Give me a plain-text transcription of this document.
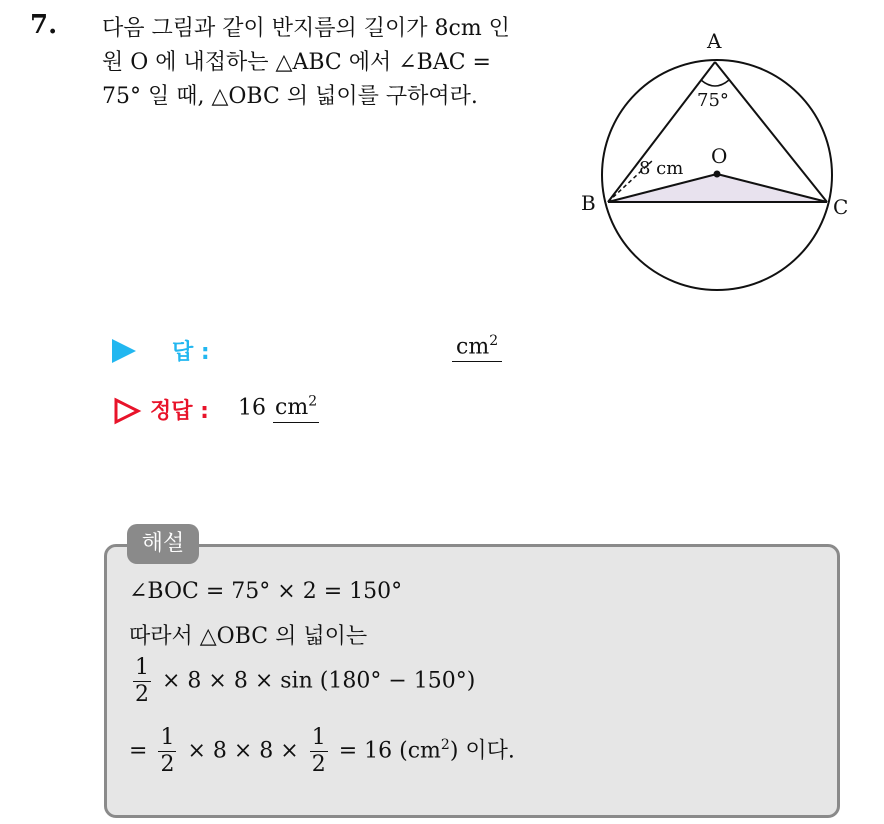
7. 다음 그림과 같이 반지름의 길이가 8cm 인
원 O 에 내접하는 △ABC 에서 ∠BAC =
75° 일 때, △OBC 의 넓이를 구하여라.
A
B	C
O
75°
8 cm
답 :	$cm^2$
정답 : 16 $cm^2$
해설
∠BOC = 75° × 2 = 150°
따라서 △OBC 의 넓이는
$\frac{1}{2} \times 8 \times 8 \times \sin (180^\circ - 150^\circ)$
= $\frac{1}{2} \times 8 \times 8 \times \frac{1}{2} = 16$ $(cm^2)$ 이다.
